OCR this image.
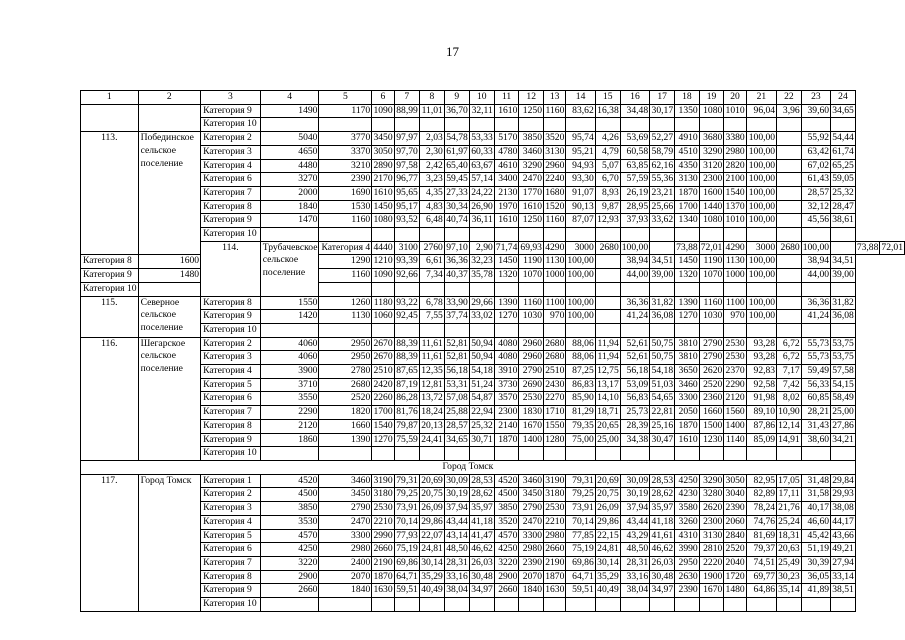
17
1	2	3	4	5	6	7	8	9	10	11	12	13	14	15	16	17	18	19	20	21	22	23	24		
		Категория 9	1490	1170	1090	88,99	11,01	36,70	32,11	1610	1250	1160	83,62	16,38	34,48	30,17	1350	1080	1010	96,04	3,96	39,60	34,65		
		Категория 10																							
113.	Побединское сельское поселение	Категория 2	5040	3770	3450	97,97	2,03	54,78	53,33	5170	3850	3520	95,74	4,26	53,69	52,27	4910	3680	3380	100,00		55,92	54,44		
		Категория 3	4650	3370	3050	97,70	2,30	61,97	60,33	4780	3460	3130	95,21	4,79	60,58	58,79	4510	3290	2980	100,00		63,42	61,74		
		Категория 4	4480	3210	2890	97,58	2,42	65,40	63,67	4610	3290	2960	94,93	5,07	63,85	62,16	4350	3120	2820	100,00		67,02	65,25		
		Категория 6	3270	2390	2170	96,77	3,23	59,45	57,14	3400	2470	2240	93,30	6,70	57,59	55,36	3130	2300	2100	100,00		61,43	59,05		
		Категория 7	2000	1690	1610	95,65	4,35	27,33	24,22	2130	1770	1680	91,07	8,93	26,19	23,21	1870	1600	1540	100,00		28,57	25,32		
		Категория 8	1840	1530	1450	95,17	4,83	30,34	26,90	1970	1610	1520	90,13	9,87	28,95	25,66	1700	1440	1370	100,00		32,12	28,47		
		Категория 9	1470	1160	1080	93,52	6,48	40,74	36,11	1610	1250	1160	87,07	12,93	37,93	33,62	1340	1080	1010	100,00		45,56	38,61		
		Категория 10																							
		114.	Трубачевское сельское поселение	Категория 4	4440	3100	2760	97,10	2,90	71,74	69,93	4290	3000	2680	100,00		73,88	72,01	4290	3000	2680	100,00		73,88	72,01
Категория 8	1600			1290	1210	93,39	6,61	36,36	32,23	1450	1190	1130	100,00		38,94	34,51	1450	1190	1130	100,00		38,94	34,51		
Категория 9	1480			1160	1090	92,66	7,34	40,37	35,78	1320	1070	1000	100,00		44,00	39,00	1320	1070	1000	100,00		44,00	39,00		
Категория 10																									
115.	Северное сельское поселение	Категория 8	1550	1260	1180	93,22	6,78	33,90	29,66	1390	1160	1100	100,00		36,36	31,82	1390	1160	1100	100,00		36,36	31,82		
		Категория 9	1420	1130	1060	92,45	7,55	37,74	33,02	1270	1030	970	100,00		41,24	36,08	1270	1030	970	100,00		41,24	36,08		
		Категория 10																							
116.	Шегарское сельское поселение	Категория 2	4060	2950	2670	88,39	11,61	52,81	50,94	4080	2960	2680	88,06	11,94	52,61	50,75	3810	2790	2530	93,28	6,72	55,73	53,75		
		Категория 3	4060	2950	2670	88,39	11,61	52,81	50,94	4080	2960	2680	88,06	11,94	52,61	50,75	3810	2790	2530	93,28	6,72	55,73	53,75		
		Категория 4	3900	2780	2510	87,65	12,35	56,18	54,18	3910	2790	2510	87,25	12,75	56,18	54,18	3650	2620	2370	92,83	7,17	59,49	57,58		
		Категория 5	3710	2680	2420	87,19	12,81	53,31	51,24	3730	2690	2430	86,83	13,17	53,09	51,03	3460	2520	2290	92,58	7,42	56,33	54,15		
		Категория 6	3550	2520	2260	86,28	13,72	57,08	54,87	3570	2530	2270	85,90	14,10	56,83	54,65	3300	2360	2120	91,98	8,02	60,85	58,49		
		Категория 7	2290	1820	1700	81,76	18,24	25,88	22,94	2300	1830	1710	81,29	18,71	25,73	22,81	2050	1660	1560	89,10	10,90	28,21	25,00		
		Категория 8	2120	1660	1540	79,87	20,13	28,57	25,32	2140	1670	1550	79,35	20,65	28,39	25,16	1870	1500	1400	87,86	12,14	31,43	27,86		
		Категория 9	1860	1390	1270	75,59	24,41	34,65	30,71	1870	1400	1280	75,00	25,00	34,38	30,47	1610	1230	1140	85,09	14,91	38,60	34,21		
		Категория 10																							
Город Томск																									
117.	Город Томск	Категория 1	4520	3460	3190	79,31	20,69	30,09	28,53	4520	3460	3190	79,31	20,69	30,09	28,53	4250	3290	3050	82,95	17,05	31,48	29,84		
		Категория 2	4500	3450	3180	79,25	20,75	30,19	28,62	4500	3450	3180	79,25	20,75	30,19	28,62	4230	3280	3040	82,89	17,11	31,58	29,93		
		Категория 3	3850	2790	2530	73,91	26,09	37,94	35,97	3850	2790	2530	73,91	26,09	37,94	35,97	3580	2620	2390	78,24	21,76	40,17	38,08		
		Категория 4	3530	2470	2210	70,14	29,86	43,44	41,18	3520	2470	2210	70,14	29,86	43,44	41,18	3260	2300	2060	74,76	25,24	46,60	44,17		
		Категория 5	4570	3300	2990	77,93	22,07	43,14	41,47	4570	3300	2980	77,85	22,15	43,29	41,61	4310	3130	2840	81,69	18,31	45,42	43,66		
		Категория 6	4250	2980	2660	75,19	24,81	48,50	46,62	4250	2980	2660	75,19	24,81	48,50	46,62	3990	2810	2520	79,37	20,63	51,19	49,21		
		Категория 7	3220	2400	2190	69,86	30,14	28,31	26,03	3220	2390	2190	69,86	30,14	28,31	26,03	2950	2220	2040	74,51	25,49	30,39	27,94		
		Категория 8	2900	2070	1870	64,71	35,29	33,16	30,48	2900	2070	1870	64,71	35,29	33,16	30,48	2630	1900	1720	69,77	30,23	36,05	33,14		
		Категория 9	2660	1840	1630	59,51	40,49	38,04	34,97	2660	1840	1630	59,51	40,49	38,04	34,97	2390	1670	1480	64,86	35,14	41,89	38,51		
		Категория 10																							
